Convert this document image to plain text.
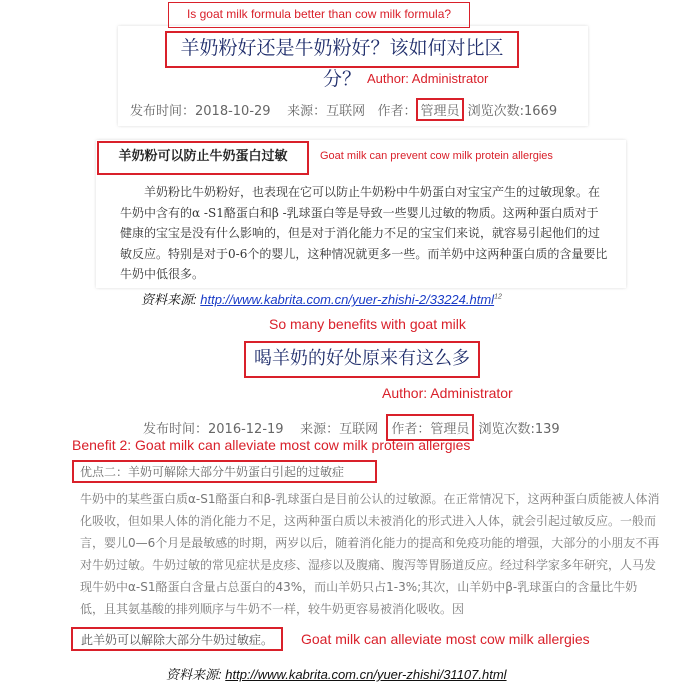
Is goat milk formula better than cow milk formula?
羊奶粉好还是牛奶粉好？该如何对比区分？ Author: Administrator
发布时间：2018-10-29    来源：互联网   作者： 管理员 浏览次数:1669
羊奶粉可以防止牛奶蛋白过敏	Goat milk can prevent cow milk protein allergies
羊奶粉比牛奶粉好，也表现在它可以防止牛奶粉中牛奶蛋白对宝宝产生的过敏现象。在牛奶中含有的α -S1酪蛋白和β -乳球蛋白等是导致一些婴儿过敏的物质。这两种蛋白质对于健康的宝宝是没有什么影响的，但是对于消化能力不足的宝宝们来说，就容易引起他们的过敏反应。特别是对于0-6个的婴儿，这种情况就更多一些。而羊奶中这两种蛋白质的含量要比牛奶中低很多。
资料来源: http://www.kabrita.com.cn/yuer-zhishi-2/33224.html$^{12}$
So many benefits with goat milk
喝羊奶的好处原来有这么多
Author: Administrator
发布时间：2016-12-19    来源：互联网  作者：管理员 浏览次数:139
Benefit 2: Goat milk can alleviate most cow milk protein allergies
优点二：羊奶可解除大部分牛奶蛋白引起的过敏症
牛奶中的某些蛋白质α-S1酪蛋白和β-乳球蛋白是目前公认的过敏源。在正常情况下，这两种蛋白质能被人体消化吸收，但如果人体的消化能力不足，这两种蛋白质以未被消化的形式进入人体，就会引起过敏反应。一般而言，婴儿0—6个月是最敏感的时期，两岁以后，随着消化能力的提高和免疫功能的增强，大部分的小朋友不再对牛奶过敏。牛奶过敏的常见症状是皮疹、湿疹以及腹痛、腹泻等胃肠道反应。经过科学家多年研究，人马发现牛奶中α-S1酪蛋白含量占总蛋白的43%，而山羊奶只占1-3%;其次，山羊奶中β-乳球蛋白的含量比牛奶低，且其氨基酸的排列顺序与牛奶不一样，较牛奶更容易被消化吸收。因
此羊奶可以解除大部分牛奶过敏症。	Goat milk can alleviate most cow milk allergies
资料来源: http://www.kabrita.com.cn/yuer-zhishi/31107.html
